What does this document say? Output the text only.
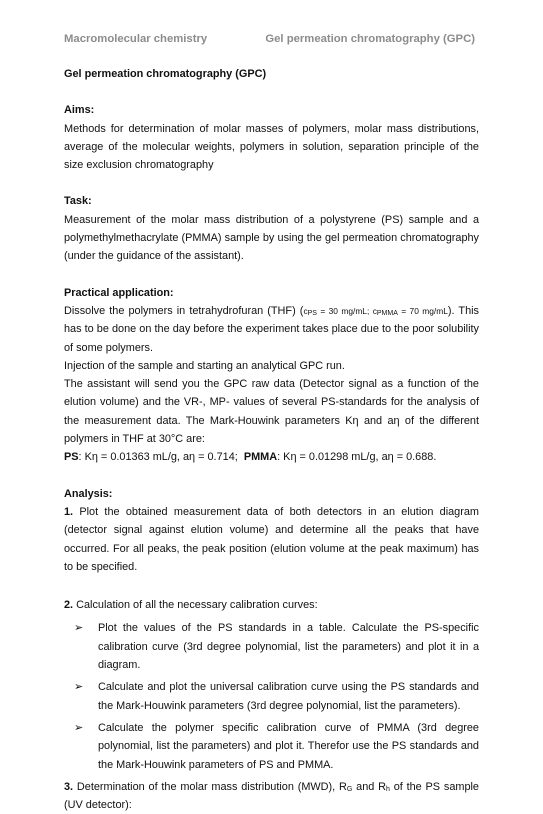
Macromolecular chemistry	Gel permeation chromatography (GPC)
Gel permeation chromatography (GPC)
Aims:
Methods for determination of molar masses of polymers, molar mass distributions, average of the molecular weights, polymers in solution, separation principle of the size exclusion chromatography
Task:
Measurement of the molar mass distribution of a polystyrene (PS) sample and a polymethylmethacrylate (PMMA) sample by using the gel permeation chromatography (under the guidance of the assistant).
Practical application:
Dissolve the polymers in tetrahydrofuran (THF) ($c_{PS} = 30$ mg/mL; $c_{PMMA} = 70$ mg/mL). This has to be done on the day before the experiment takes place due to the poor solubility of some polymers.
Injection of the sample and starting an analytical GPC run.
The assistant will send you the GPC raw data (Detector signal as a function of the elution volume) and the VR-, MP- values of several PS-standards for the analysis of the measurement data. The Mark-Houwink parameters Kη and aη of the different polymers in THF at 30°C are:
PS: Kη = 0.01363 mL/g, aη = 0.714; PMMA: Kη = 0.01298 mL/g, aη = 0.688.
Analysis:
1. Plot the obtained measurement data of both detectors in an elution diagram (detector signal against elution volume) and determine all the peaks that have occurred. For all peaks, the peak position (elution volume at the peak maximum) has to be specified.
2. Calculation of all the necessary calibration curves:
➢ Plot the values of the PS standards in a table. Calculate the PS-specific calibration curve (3rd degree polynomial, list the parameters) and plot it in a diagram.
➢ Calculate and plot the universal calibration curve using the PS standards and the Mark-Houwink parameters (3rd degree polynomial, list the parameters).
➢ Calculate the polymer specific calibration curve of PMMA (3rd degree polynomial, list the parameters) and plot it. Therefor use the PS standards and the Mark-Houwink parameters of PS and PMMA.
3. Determination of the molar mass distribution (MWD), $R_G$ and $R_h$ of the PS sample (UV detector):
